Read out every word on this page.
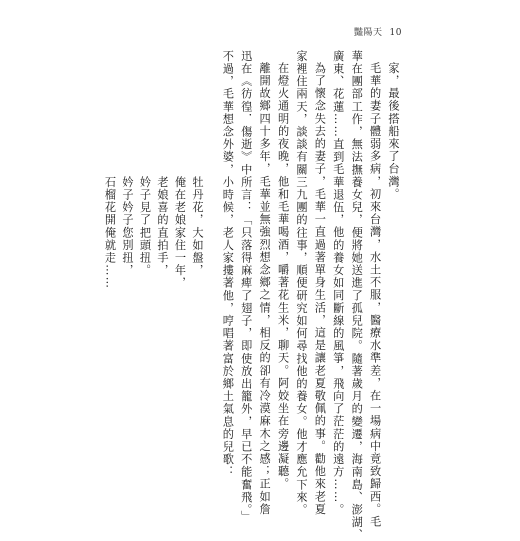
豔陽天 10
家，最後搭船來了台灣。
毛華的妻子體弱多病，初來台灣，水土不服，醫療水準差，在一場病中竟致歸西。毛
華在團部工作，無法撫養女兒，便將她送進了孤兒院。隨著歲月的變遷，海南島、澎湖、
廣東、花蓮……直到毛華退伍，他的養女如同斷線的風箏，飛向了茫茫的遠方……。
為了懷念失去的妻子，毛華一直過著單身生活，這是讓老夏敬佩的事。勸他來老夏
家裡住兩天，談談有關三九團的往事，順便研究如何尋找他的養女。他才應允下來。
在燈火通明的夜晚，他和毛華喝酒，嚼著花生米，聊天。阿姣坐在旁邊凝聽。
離開故鄉四十多年，毛華並無強烈想念鄉之情，相反的卻有冷漠麻木之感；正如詹
迅在《彷徨．傷逝》中所言：「只落得麻痺了翅子，即使放出籠外，早已不能奮飛。」
不過，毛華想念外婆，小時候，老人家摟著他，哼唱著富於鄉土氣息的兒歌：
牡丹花，大如盤，
俺在老娘家住一年，
老娘喜的直拍手，
妗子見了把頭扭。
妗子妗子您別扭，
石榴花開俺就走……
